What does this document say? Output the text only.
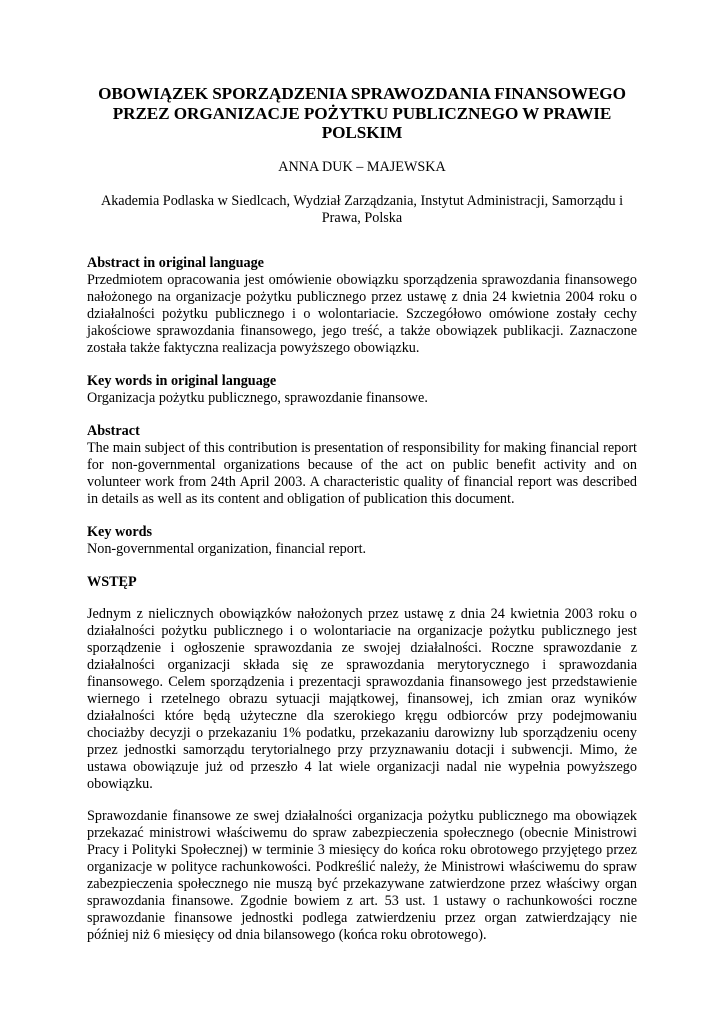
OBOWIĄZEK SPORZĄDZENIA SPRAWOZDANIA FINANSOWEGO PRZEZ ORGANIZACJE POŻYTKU PUBLICZNEGO W PRAWIE POLSKIM

ANNA DUK – MAJEWSKA

Akademia Podlaska w Siedlcach, Wydział Zarządzania, Instytut Administracji, Samorządu i Prawa, Polska

Abstract in original language

Przedmiotem opracowania jest omówienie obowiązku sporządzenia sprawozdania finansowego nałożonego na organizacje pożytku publicznego przez ustawę z dnia 24 kwietnia 2004 roku o działalności pożytku publicznego i o wolontariacie. Szczegółowo omówione zostały cechy jakościowe sprawozdania finansowego, jego treść, a także obowiązek publikacji. Zaznaczone została także faktyczna realizacja powyższego obowiązku.

Key words in original language

Organizacja pożytku publicznego, sprawozdanie finansowe.

Abstract

The main subject of this contribution is presentation of responsibility for making financial report for non-governmental organizations because of the act on public benefit activity and on volunteer work from 24th April 2003. A characteristic quality of financial report was described in details as well as its content and obligation of publication this document.

Key words

Non-governmental organization, financial report.

WSTĘP

Jednym z nielicznych obowiązków nałożonych przez ustawę z dnia 24 kwietnia 2003 roku o działalności pożytku publicznego i o wolontariacie na organizacje pożytku publicznego jest sporządzenie i ogłoszenie sprawozdania ze swojej działalności. Roczne sprawozdanie z działalności organizacji składa się ze sprawozdania merytorycznego i sprawozdania finansowego. Celem sporządzenia i prezentacji sprawozdania finansowego jest przedstawienie wiernego i rzetelnego obrazu sytuacji majątkowej, finansowej, ich zmian oraz wyników działalności które będą użyteczne dla szerokiego kręgu odbiorców przy podejmowaniu chociażby decyzji o przekazaniu 1% podatku, przekazaniu darowizny lub sporządzeniu oceny przez jednostki samorządu terytorialnego przy przyznawaniu dotacji i subwencji. Mimo, że ustawa obowiązuje już od przeszło 4 lat wiele organizacji nadal nie wypełnia powyższego obowiązku.

Sprawozdanie finansowe ze swej działalności organizacja pożytku publicznego ma obowiązek przekazać ministrowi właściwemu do spraw zabezpieczenia społecznego (obecnie Ministrowi Pracy i Polityki Społecznej) w terminie 3 miesięcy do końca roku obrotowego przyjętego przez organizacje w polityce rachunkowości. Podkreślić należy, że Ministrowi właściwemu do spraw zabezpieczenia społecznego nie muszą być przekazywane zatwierdzone przez właściwy organ sprawozdania finansowe. Zgodnie bowiem z art. 53 ust. 1 ustawy o rachunkowości roczne sprawozdanie finansowe jednostki podlega zatwierdzeniu przez organ zatwierdzający nie później niż 6 miesięcy od dnia bilansowego (końca roku obrotowego).
